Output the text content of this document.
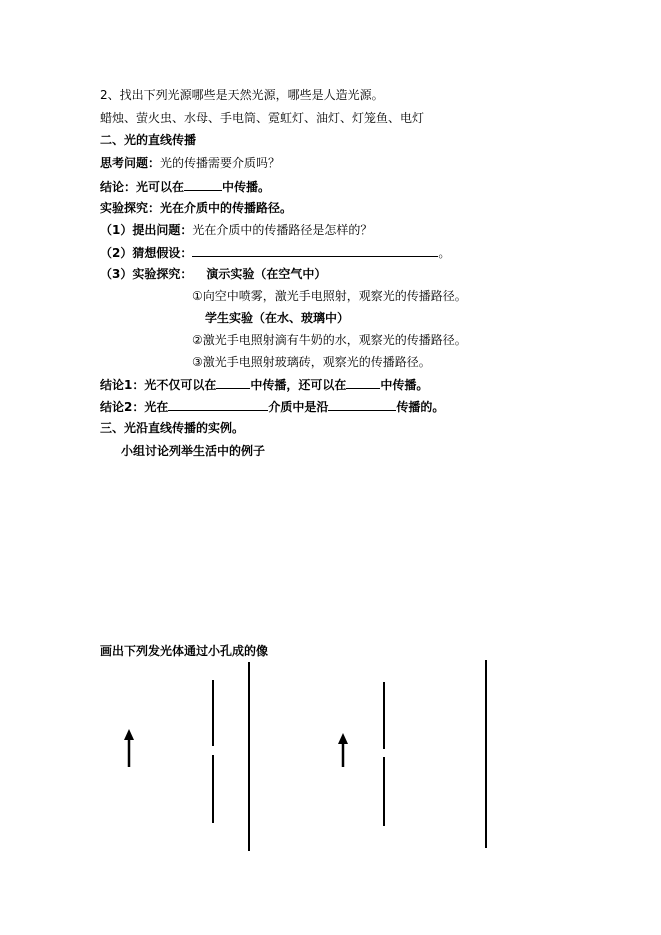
2、找出下列光源哪些是天然光源，哪些是人造光源。
蜡烛、萤火虫、水母、手电筒、霓虹灯、油灯、灯笼鱼、电灯
二、光的直线传播
思考问题：光的传播需要介质吗？
结论：光可以在	中传播。
实验探究：光在介质中的传播路径。
（1）提出问题：光在介质中的传播路径是怎样的？
（2）猜想假设：	。
（3）实验探究： 演示实验（在空气中）
①向空中喷雾，激光手电照射，观察光的传播路径。
学生实验（在水、玻璃中）
②激光手电照射滴有牛奶的水，观察光的传播路径。
③激光手电照射玻璃砖，观察光的传播路径。
结论1：光不仅可以在	中传播，还可以在	中传播。
结论2：光在	介质中是沿	传播的。
三、光沿直线传播的实例。
小组讨论列举生活中的例子
画出下列发光体通过小孔成的像
